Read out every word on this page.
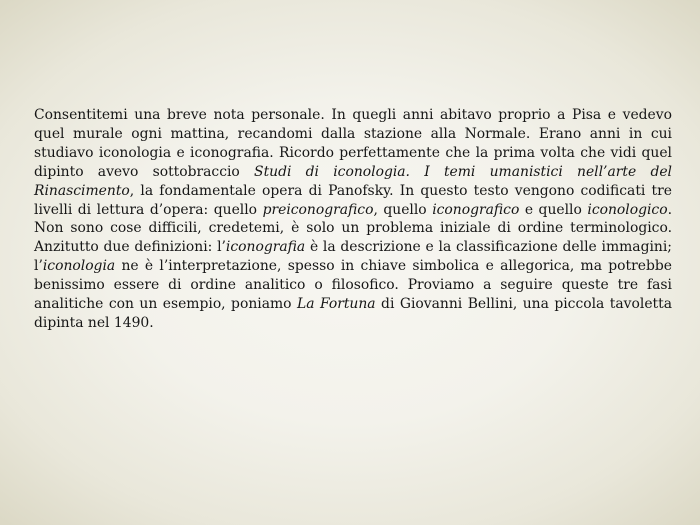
Consentitemi una breve nota personale. In quegli anni abitavo proprio a Pisa e vedevo quel murale ogni mattina, recandomi dalla stazione alla Normale. Erano anni in cui studiavo iconologia e iconografia. Ricordo perfettamente che la prima volta che vidi quel dipinto avevo sottobraccio Studi di iconologia. I temi umanistici nell’arte del Rinascimento, la fondamentale opera di Panofsky. In questo testo vengono codificati tre livelli di lettura d’opera: quello preiconografico, quello iconografico e quello iconologico. Non sono cose difficili, credetemi, è solo un problema iniziale di ordine terminologico. Anzitutto due definizioni: l’iconografia è la descrizione e la classificazione delle immagini; l’iconologia ne è l’interpretazione, spesso in chiave simbolica e allegorica, ma potrebbe benissimo essere di ordine analitico o filosofico. Proviamo a seguire queste tre fasi analitiche con un esempio, poniamo La Fortuna di Giovanni Bellini, una piccola tavoletta dipinta nel 1490.
